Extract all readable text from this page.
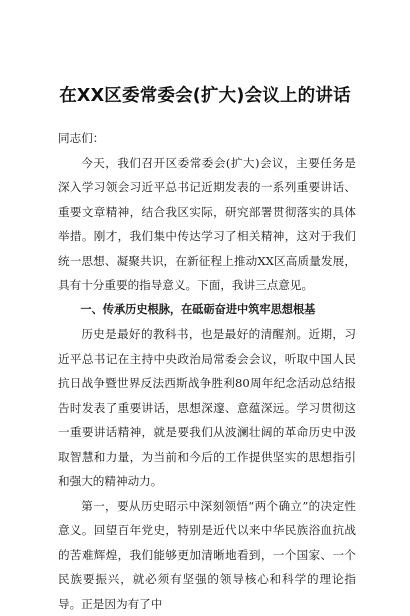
在XX区委常委会(扩大)会议上的讲话

同志们：

今天，我们召开区委常委会(扩大)会议，主要任务是深入学习领会习近平总书记近期发表的一系列重要讲话、重要文章精神，结合我区实际，研究部署贯彻落实的具体举措。刚才，我们集中传达学习了相关精神，这对于我们统一思想、凝聚共识，在新征程上推动XX区高质量发展，具有十分重要的指导意义。下面，我讲三点意见。

一、传承历史根脉，在砥砺奋进中筑牢思想根基

历史是最好的教科书，也是最好的清醒剂。近期，习近平总书记在主持中央政治局常委会会议，听取中国人民抗日战争暨世界反法西斯战争胜利80周年纪念活动总结报告时发表了重要讲话，思想深邃、意蕴深远。学习贯彻这一重要讲话精神，就是要我们从波澜壮阔的革命历史中汲取智慧和力量，为当前和今后的工作提供坚实的思想指引和强大的精神动力。

第一，要从历史昭示中深刻领悟“两个确立”的决定性意义。回望百年党史，特别是近代以来中华民族浴血抗战的苦难辉煌，我们能够更加清晰地看到，一个国家、一个民族要振兴，就必须有坚强的领导核心和科学的理论指导。正是因为有了中
